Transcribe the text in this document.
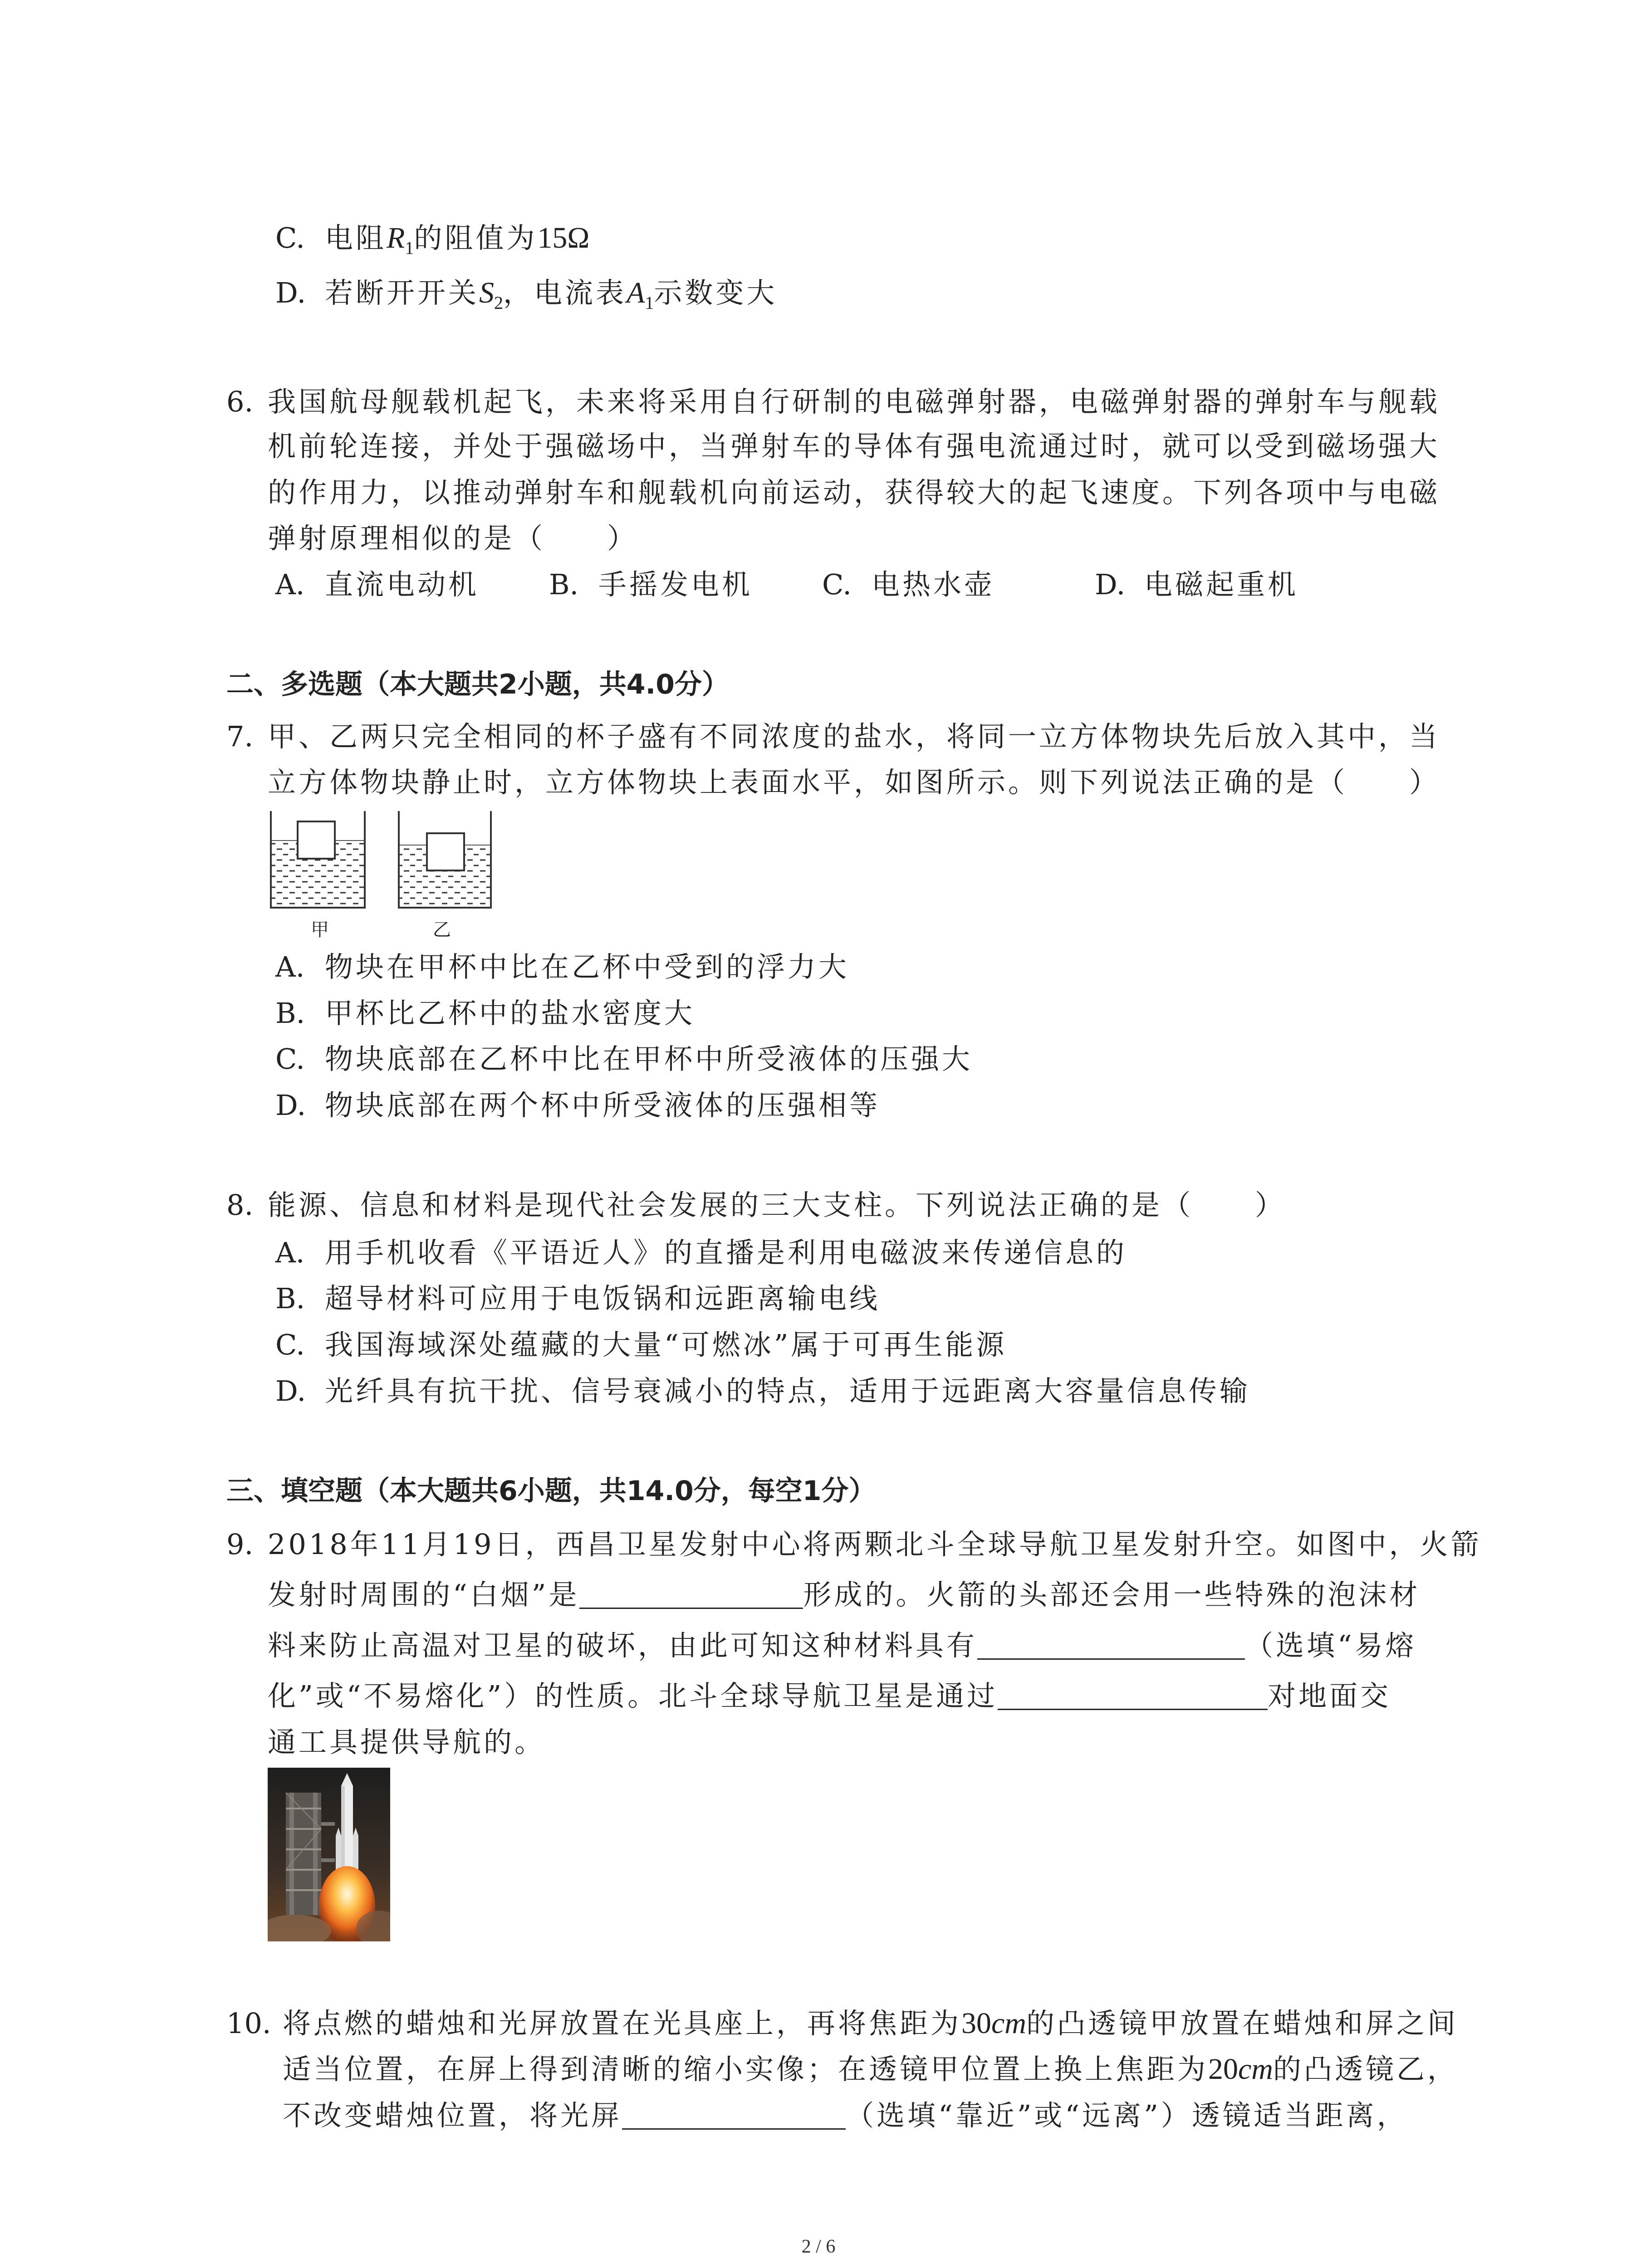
C. 电阻$R_1$的阻值为15Ω
D. 若断开开关$S_2$，电流表$A_1$示数变大
6. 我国航母舰载机起飞，未来将采用自行研制的电磁弹射器，电磁弹射器的弹射车与舰载
机前轮连接，并处于强磁场中，当弹射车的导体有强电流通过时，就可以受到磁场强大
的作用力，以推动弹射车和舰载机向前运动，获得较大的起飞速度。下列各项中与电磁
弹射原理相似的是（　　）
A. 直流电动机 B. 手摇发电机 C. 电热水壶	D. 电磁起重机
二、多选题（本大题共2小题，共4.0分）
7. 甲、乙两只完全相同的杯子盛有不同浓度的盐水，将同一立方体物块先后放入其中，当
立方体物块静止时，立方体物块上表面水平，如图所示。则下列说法正确的是（　　）
甲	乙
A. 物块在甲杯中比在乙杯中受到的浮力大
B. 甲杯比乙杯中的盐水密度大
C. 物块底部在乙杯中比在甲杯中所受液体的压强大
D. 物块底部在两个杯中所受液体的压强相等
8. 能源、信息和材料是现代社会发展的三大支柱。下列说法正确的是（　　）
A. 用手机收看《平语近人》的直播是利用电磁波来传递信息的
B. 超导材料可应用于电饭锅和远距离输电线
C. 我国海域深处蕴藏的大量“可燃冰”属于可再生能源
D. 光纤具有抗干扰、信号衰减小的特点，适用于远距离大容量信息传输
三、填空题（本大题共6小题，共14.0分，每空1分）
9. 2018年11月19日，西昌卫星发射中心将两颗北斗全球导航卫星发射升空。如图中，火箭
发射时周围的“白烟”是	形成的。火箭的头部还会用一些特殊的泡沫材
料来防止高温对卫星的破坏，由此可知这种材料具有	（选填“易熔
化”或“不易熔化”）的性质。北斗全球导航卫星是通过	对地面交
通工具提供导航的。
10. 将点燃的蜡烛和光屏放置在光具座上，再将焦距为30cm的凸透镜甲放置在蜡烛和屏之间
适当位置，在屏上得到清晰的缩小实像；在透镜甲位置上换上焦距为20cm的凸透镜乙，
不改变蜡烛位置，将光屏	（选填“靠近”或“远离”）透镜适当距离，
2 / 6
